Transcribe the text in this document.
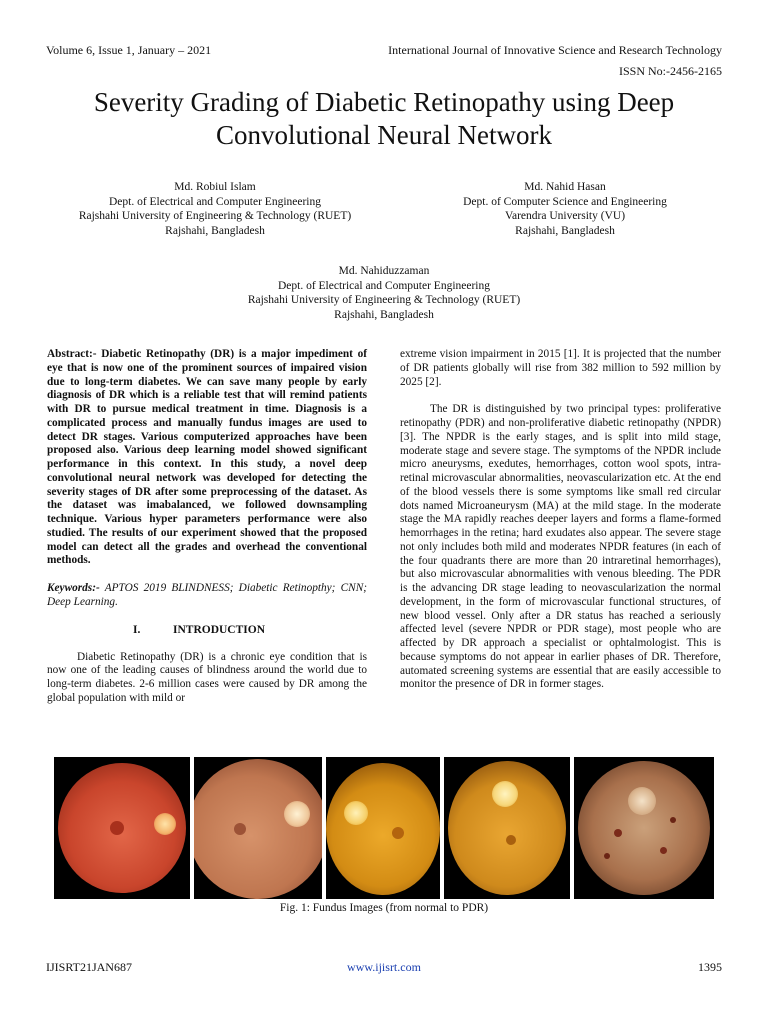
Volume 6, Issue 1, January – 2021	International Journal of Innovative Science and Research Technology
ISSN No:-2456-2165
Severity Grading of Diabetic Retinopathy using Deep
Convolutional Neural Network
Md. Robiul Islam
Dept. of Electrical and Computer Engineering
Rajshahi University of Engineering & Technology (RUET)
Rajshahi, Bangladesh
Md. Nahid Hasan
Dept. of Computer Science and Engineering
Varendra University (VU)
Rajshahi, Bangladesh
Md. Nahiduzzaman
Dept. of Electrical and Computer Engineering
Rajshahi University of Engineering & Technology (RUET)
Rajshahi, Bangladesh

Abstract:- Diabetic Retinopathy (DR) is a major impediment of eye that is now one of the prominent sources of impaired vision due to long-term diabetes. We can save many people by early diagnosis of DR which is a reliable test that will remind patients with DR to pursue medical treatment in time. Diagnosis is a complicated process and manually fundus images are used to detect DR stages. Various computerized approaches have been proposed also. Various deep learning model showed significant performance in this context. In this study, a novel deep convolutional neural network was developed for detecting the severity stages of DR after some preprocessing of the dataset. As the dataset was imabalanced, we followed downsampling technique. Various hyper parameters performance were also studied. The results of our experiment showed that the proposed model can detect all the grades and overhead the conventional methods.

Keywords:- APTOS 2019 BLINDNESS; Diabetic Retinopthy; CNN; Deep Learning.

I.	INTRODUCTION

Diabetic Retinopathy (DR) is a chronic eye condition that is now one of the leading causes of blindness around the world due to long-term diabetes. 2-6 million cases were caused by DR among the global population with mild or

extreme vision impairment in 2015 [1]. It is projected that the number of DR patients globally will rise from 382 million to 592 million by 2025 [2].

The DR is distinguished by two principal types: proliferative retinopathy (PDR) and non-proliferative diabetic retinopathy (NPDR) [3]. The NPDR is the early stages, and is split into mild stage, moderate stage and severe stage. The symptoms of the NPDR include micro aneurysms, exedutes, hemorrhages, cotton wool spots, intra-retinal microvascular abnormalities, neovascularization etc. At the end of the blood vessels there is some symptoms like small red circular dots named Microaneurysm (MA) at the mild stage. In the moderate stage the MA rapidly reaches deeper layers and forms a flame-formed hemorrhages in the retina; hard exudates also appear. The severe stage not only includes both mild and moderates NPDR features (in each of the four quadrants there are more than 20 intraretinal hemorrhages), but also microvascular abnormalities with venous bleeding. The PDR is the advancing DR stage leading to neovascularization the normal development, in the form of microvascular functional structures, of new blood vessel. Only after a DR status has reached a seriously affected level (severe NPDR or PDR stage), most people who are affected by DR approach a specialist or ophtalmologist. This is because symptoms do not appear in earlier phases of DR. Therefore, automated screening systems are essential that are easily accessible to monitor the presence of DR in former stages.

Fig. 1: Fundus Images (from normal to PDR)
IJISRT21JAN687	www.ijisrt.com	1395
